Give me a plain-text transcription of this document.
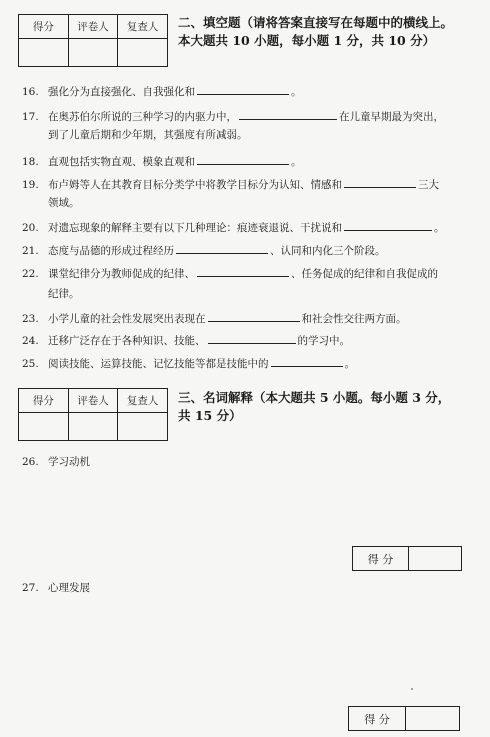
得分	评卷人	复查人
		二、填空题（请将答案直接写在每题中的横线上。
本大题共 10 小题，每小题 1 分，共 10 分）
16. 强化分为直接强化、自我强化和	。
17. 在奥苏伯尔所说的三种学习的内驱力中，	在儿童早期最为突出，
到了儿童后期和少年期，其强度有所减弱。
18. 直观包括实物直观、模象直观和	。
19. 布卢姆等人在其教育目标分类学中将教学目标分为认知、情感和	三大
领域。
20. 对遗忘现象的解释主要有以下几种理论：痕迹衰退说、干扰说和	。
21. 态度与品德的形成过程经历	、认同和内化三个阶段。
22. 课堂纪律分为教师促成的纪律、	、任务促成的纪律和自我促成的
纪律。
23. 小学儿童的社会性发展突出表现在	和社会性交往两方面。
24. 迁移广泛存在于各种知识、技能、	的学习中。
25. 阅读技能、运算技能、记忆技能等都是技能中的	。
得分	评卷人	复查人
		三、名词解释（本大题共 5 小题。每小题 3 分，
共 15 分）
26. 学习动机
得 分	
27. 心理发展
得 分	
